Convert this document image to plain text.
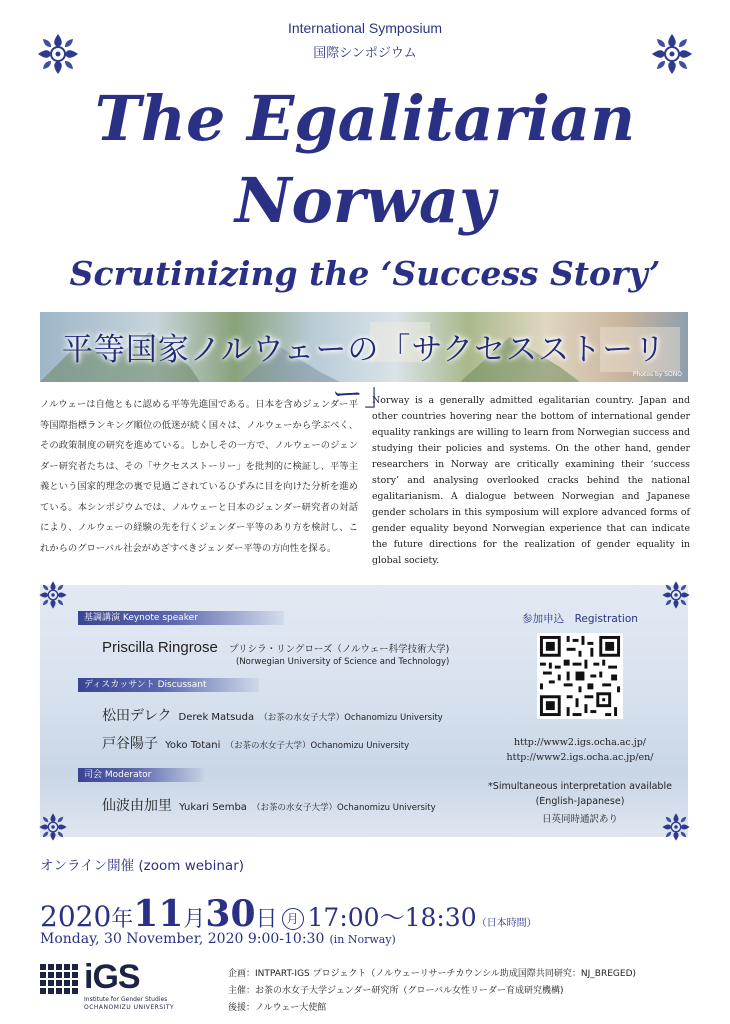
International Symposium
国際シンポジウム
The Egalitarian
Norway
Scrutinizing the ‘Success Story’
平等国家ノルウェーの「サクセスストーリー」
Photos by SONO
ノルウェーは自他ともに認める平等先進国である。日本を含めジェンダー平等国際指標ランキング順位の低迷が続く国々は、ノルウェーから学ぶべく、その政策制度の研究を進めている。しかしその一方で、ノルウェーのジェンダー研究者たちは、その「サクセスストーリー」を批判的に検証し、平等主義という国家的理念の裏で見過ごされているひずみに目を向けた分析を進めている。本シンポジウムでは、ノルウェーと日本のジェンダー研究者の対話により、ノルウェーの経験の先を行くジェンダー平等のあり方を検討し、これからのグローバル社会がめざすべきジェンダー平等の方向性を探る。
Norway is a generally admitted egalitarian country. Japan and other countries hovering near the bottom of international gender equality rankings are willing to learn from Norwegian success and studying their policies and systems. On the other hand, gender researchers in Norway are critically examining their ‘success story’ and analysing overlooked cracks behind the national egalitarianism. A dialogue between Norwegian and Japanese gender scholars in this symposium will explore advanced forms of gender equality beyond Norwegian experience that can indicate the future directions for the realization of gender equality in global society.
基調講演 Keynote speaker
Priscilla Ringrose プリシラ・リングローズ（ノルウェー科学技術大学)
(Norwegian University of Science and Technology)
ディスカッサント Discussant
松田デレク Derek Matsuda （お茶の水女子大学）Ochanomizu University
戸谷陽子 Yoko Totani （お茶の水女子大学）Ochanomizu University
司会 Moderator
仙波由加里 Yukari Semba （お茶の水女子大学）Ochanomizu University
参加申込　Registration
http://www2.igs.ocha.ac.jp/
http://www2.igs.ocha.ac.jp/en/
*Simultaneous interpretation available
(English-Japanese)
日英同時通訳あり
オンライン開催 (zoom webinar)
2020年11月30日 月 17:00〜18:30（日本時間）
Monday, 30 November, 2020 9:00-10:30 (in Norway)
iGS
Institute for Gender Studies
OCHANOMIZU UNIVERSITY
企画：INTPART-IGS プロジェクト（ノルウェーリサーチカウンシル助成国際共同研究：NJ_BREGED)
主催：お茶の水女子大学ジェンダー研究所（グローバル女性リーダー育成研究機構)
後援：ノルウェー大使館
